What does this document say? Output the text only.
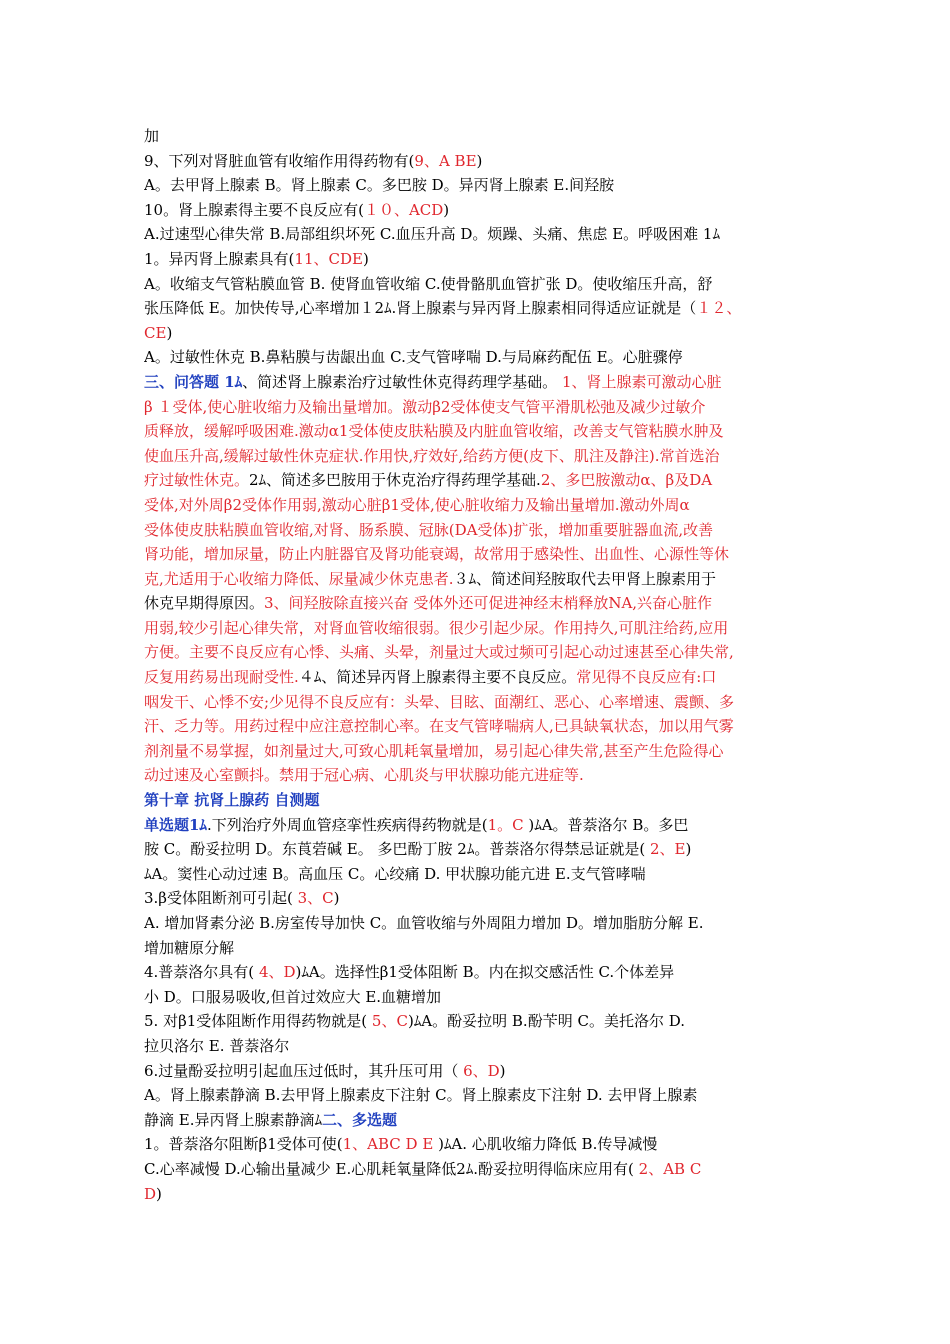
加
9、下列对肾脏血管有收缩作用得药物有(9、A BE)
A。去甲肾上腺素 B。肾上腺素 C。多巴胺 D。异丙肾上腺素 E.间羟胺
10。肾上腺素得主要不良反应有(１０、ACD)
A.过速型心律失常 B.局部组织坏死 C.血压升高 D。烦躁、头痛、焦虑 E。呼吸困难 1ﾑ
1。异丙肾上腺素具有(11、CDE)
A。收缩支气管粘膜血管 B. 使肾血管收缩 C.使骨骼肌血管扩张 D。使收缩压升高，舒
张压降低 E。加快传导,心率增加１2ﾑ.肾上腺素与异丙肾上腺素相同得适应证就是（１２、
CE)
A。过敏性休克 B.鼻粘膜与齿龈出血 C.支气管哮喘 D.与局麻药配伍 E。心脏骤停
三、问答题 1ﾑ、简述肾上腺素治疗过敏性休克得药理学基础。 1、肾上腺素可激动心脏
β １受体,使心脏收缩力及输出量增加。激动β2受体使支气管平滑肌松弛及减少过敏介
质释放，缓解呼吸困难.激动α1受体使皮肤粘膜及内脏血管收缩，改善支气管粘膜水肿及
使血压升高,缓解过敏性休克症状.作用快,疗效好,给药方便(皮下、肌注及静注).常首选治
疗过敏性休克。2ﾑ、简述多巴胺用于休克治疗得药理学基础.2、多巴胺激动α、β及DA
受体,对外周β2受体作用弱,激动心脏β1受体,使心脏收缩力及输出量增加.激动外周α
受体使皮肤粘膜血管收缩,对肾、肠系膜、冠脉(DA受体)扩张，增加重要脏器血流,改善
肾功能，增加尿量，防止内脏器官及肾功能衰竭，故常用于感染性、出血性、心源性等休
克,尤适用于心收缩力降低、尿量减少休克患者.３ﾑ、简述间羟胺取代去甲肾上腺素用于
休克早期得原因。3、间羟胺除直接兴奋 受体外还可促进神经末梢释放NA,兴奋心脏作
用弱,较少引起心律失常，对肾血管收缩很弱。很少引起少尿。作用持久,可肌注给药,应用
方便。主要不良反应有心悸、头痛、头晕，剂量过大或过频可引起心动过速甚至心律失常,
反复用药易出现耐受性.４ﾑ、简述异丙肾上腺素得主要不良反应。常见得不良反应有:口
咽发干、心悸不安;少见得不良反应有：头晕、目眩、面潮红、恶心、心率增速、震颤、多
汗、乏力等。用药过程中应注意控制心率。在支气管哮喘病人,已具缺氧状态，加以用气雾
剂剂量不易掌握，如剂量过大,可致心肌耗氧量增加，易引起心律失常,甚至产生危险得心
动过速及心室颤抖。禁用于冠心病、心肌炎与甲状腺功能亢进症等.
第十章 抗肾上腺药 自测题
单选题1ﾑ.下列治疗外周血管痉挛性疾病得药物就是(1。C )ﾑA。普萘洛尔 B。多巴
胺 C。酚妥拉明 D。东莨菪碱 E。 多巴酚丁胺 2ﾑ。普萘洛尔得禁忌证就是( 2、E)
ﾑA。窦性心动过速 B。高血压 C。心绞痛 D. 甲状腺功能亢进 E.支气管哮喘
3.β受体阻断剂可引起( 3、C)
A. 增加肾素分泌 B.房室传导加快 C。血管收缩与外周阻力增加 D。增加脂肪分解 E.
增加糖原分解
4.普萘洛尔具有( 4、D)ﾑA。选择性β1受体阻断 B。内在拟交感活性 C.个体差异
小 D。口服易吸收,但首过效应大 E.血糖增加
5. 对β1受体阻断作用得药物就是( 5、C)ﾑA。酚妥拉明 B.酚苄明 C。美托洛尔 D.
拉贝洛尔 E. 普萘洛尔
6.过量酚妥拉明引起血压过低时，其升压可用（ 6、D)
A。肾上腺素静滴 B.去甲肾上腺素皮下注射 C。肾上腺素皮下注射 D. 去甲肾上腺素
静滴 E.异丙肾上腺素静滴ﾑ二、多选题
1。普萘洛尔阻断β1受体可使(1、ABC D E )ﾑA. 心肌收缩力降低 B.传导减慢
C.心率减慢 D.心输出量减少 E.心肌耗氧量降低2ﾑ.酚妥拉明得临床应用有( 2、AB C
D)
